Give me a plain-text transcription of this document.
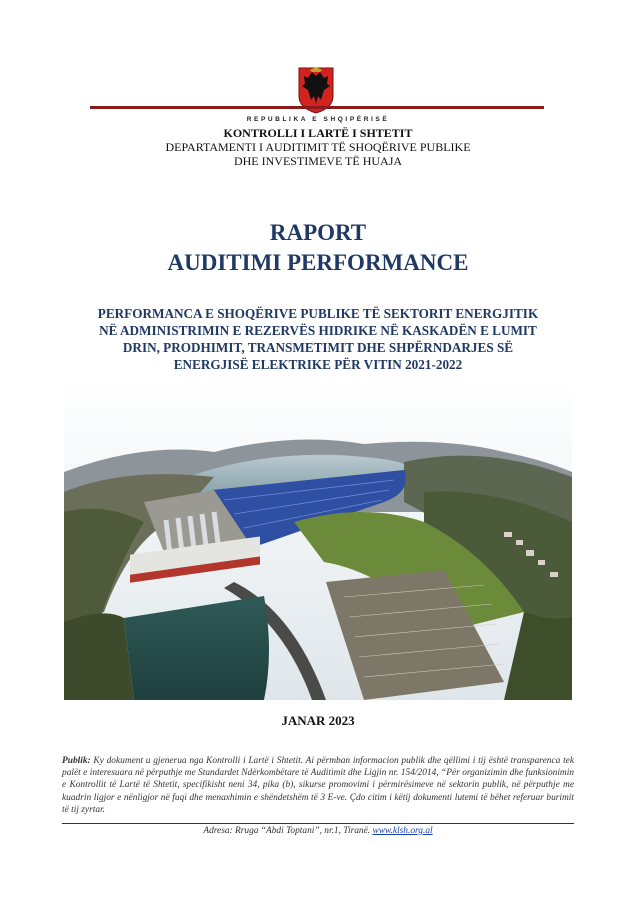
REPUBLIKA E SHQIPËRISË
KONTROLLI I LARTË I SHTETIT
DEPARTAMENTI I AUDITIMIT TË SHOQËRIVE PUBLIKE
DHE INVESTIMEVE TË HUAJA
RAPORT
AUDITIMI PERFORMANCE
PERFORMANCA E SHOQËRIVE PUBLIKE TË SEKTORIT ENERGJITIK
NË ADMINISTRIMIN E REZERVËS HIDRIKE NË KASKADËN E LUMIT
DRIN, PRODHIMIT, TRANSMETIMIT DHE SHPËRNDARJES SË
ENERGJISË ELEKTRIKE PËR VITIN 2021-2022
JANAR 2023
Publik: Ky dokument u gjenerua nga Kontrolli i Lartë i Shtetit. Ai përmban informacion publik dhe qëllimi i tij është transparenca tek palët e interesuara në përputhje me Standardet Ndërkombëtare të Auditimit dhe Ligjin nr. 154/2014, “Për organizimin dhe funksionimin e Kontrollit të Lartë të Shtetit, specifikisht neni 34, pika (b), sikurse promovimi i përmirësimeve në sektorin publik, në përputhje me kuadrin ligjor e nënligjor në fuqi dhe menaxhimin e shëndetshëm të 3 E-ve. Çdo citim i këtij dokumenti lutemi të bëhet referuar burimit të tij zyrtar.
Adresa: Rruga “Abdi Toptani”, nr.1, Tiranë. www.klsh.org.al
